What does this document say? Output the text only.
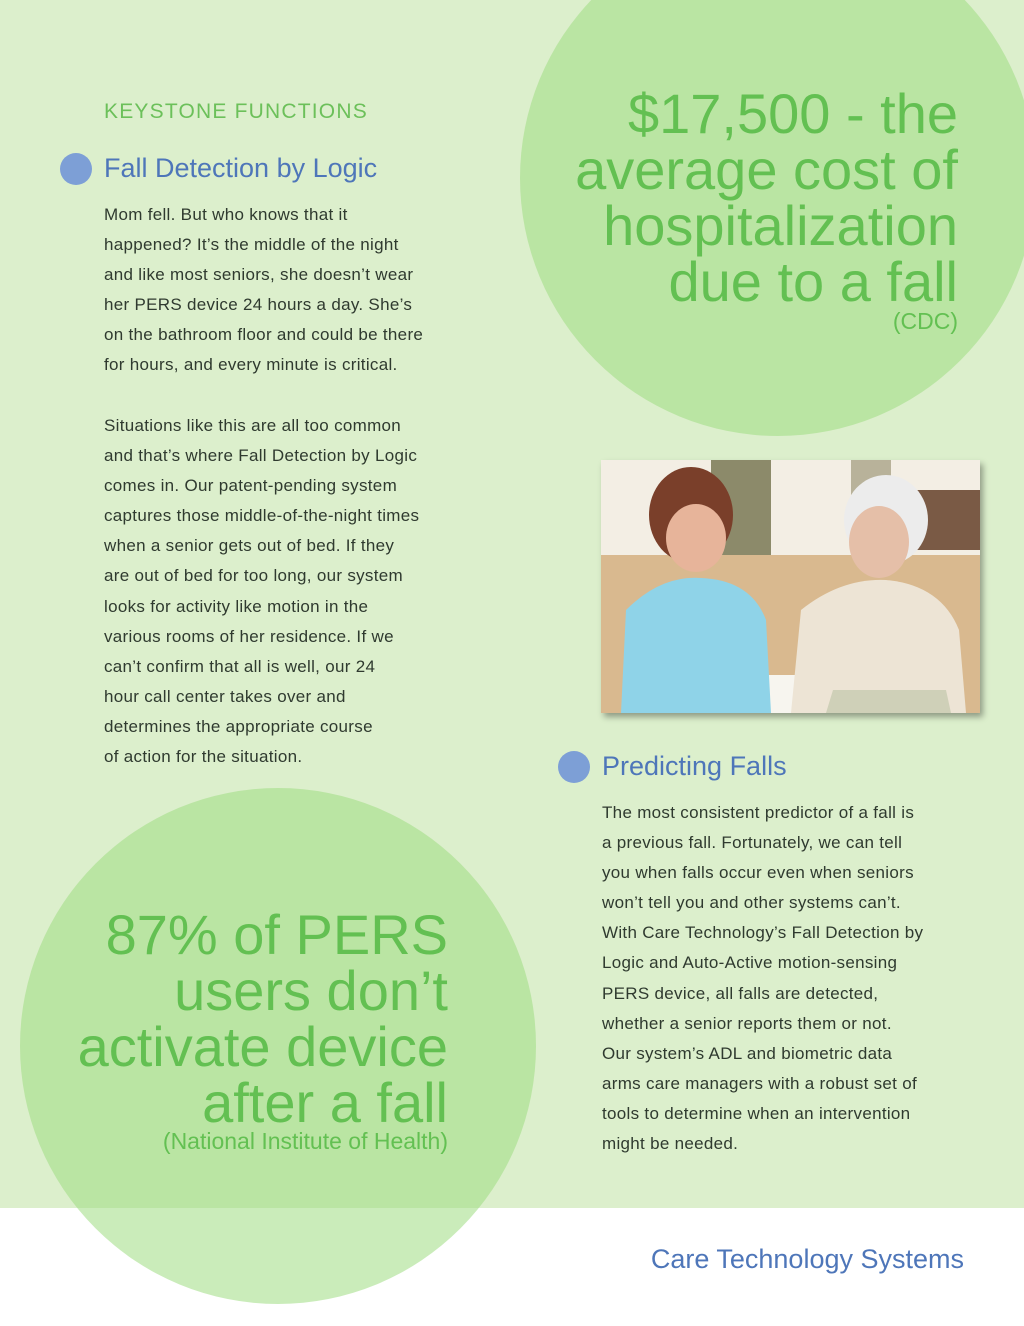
KEYSTONE FUNCTIONS
Fall Detection by Logic
Mom fell. But who knows that it
happened? It’s the middle of the night
and like most seniors, she doesn’t wear
her PERS device 24 hours a day. She’s
on the bathroom floor and could be there
for hours, and every minute is critical.
Situations like this are all too common
and that’s where Fall Detection by Logic
comes in. Our patent-pending system
captures those middle-of-the-night times
when a senior gets out of bed. If they
are out of bed for too long, our system
looks for activity like motion in the
various rooms of her residence. If we
can’t confirm that all is well, our 24
hour call center takes over and
determines the appropriate course
of action for the situation.
$17,500 - the
average cost of
hospitalization
due to a fall
(CDC)
Predicting Falls
The most consistent predictor of a fall is
a previous fall. Fortunately, we can tell
you when falls occur even when seniors
won’t tell you and other systems can’t.
With Care Technology’s Fall Detection by
Logic and Auto-Active motion-sensing
PERS device, all falls are detected,
whether a senior reports them or not.
Our system’s ADL and biometric data
arms care managers with a robust set of
tools to determine when an intervention
might be needed.
87% of PERS
users don’t
activate device
after a fall
(National Institute of Health)
Care Technology Systems
